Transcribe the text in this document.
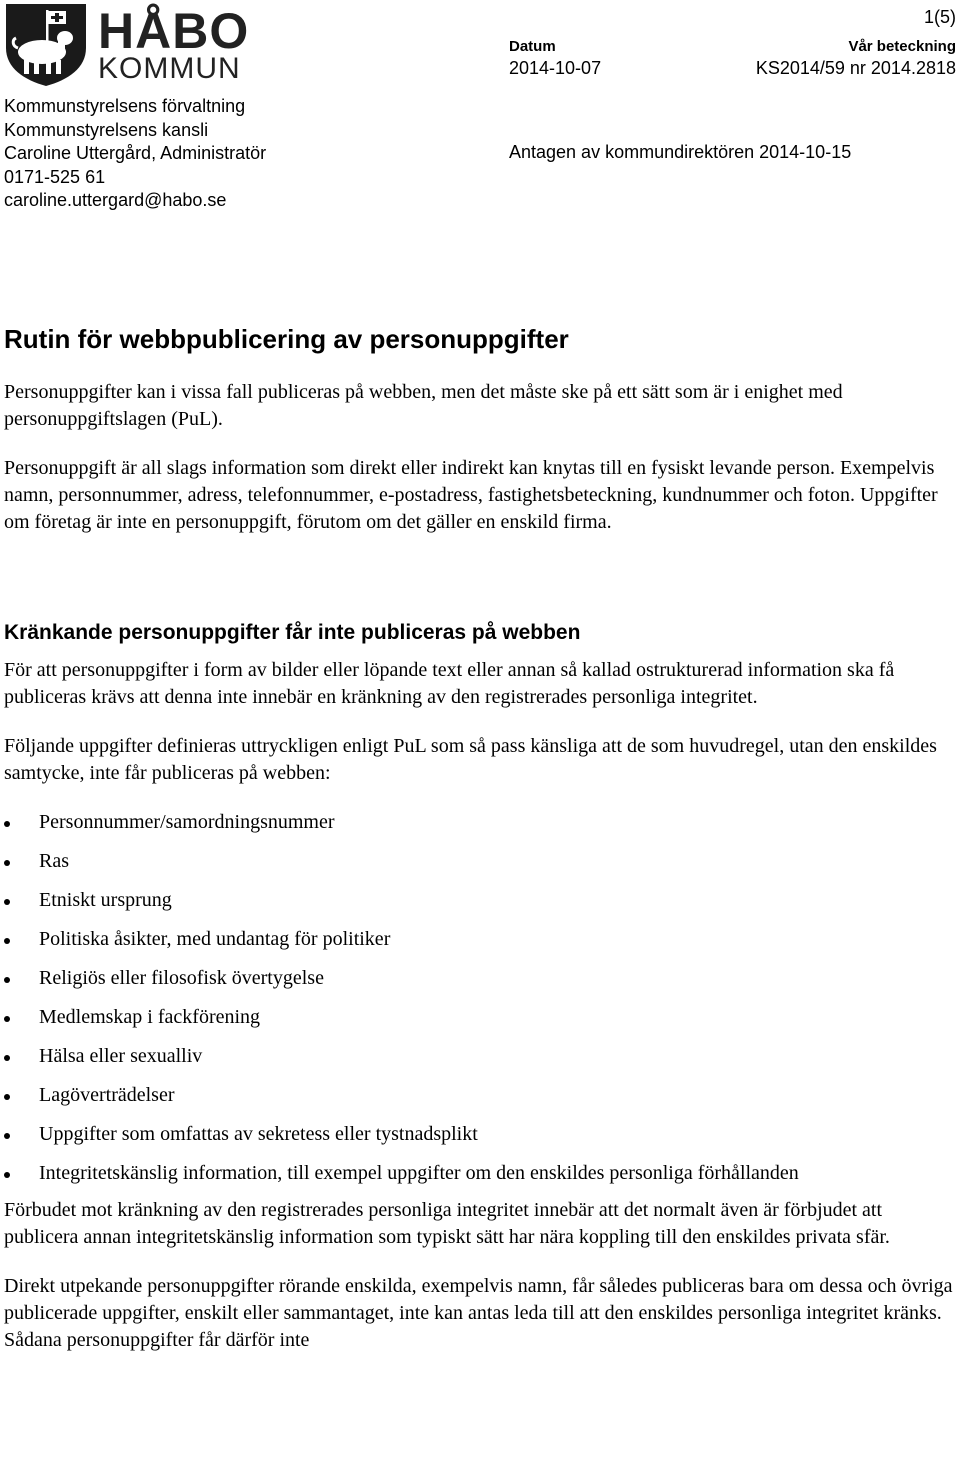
HÅBO
KOMMUN
1(5)
Datum
2014-10-07
Vår beteckning
KS2014/59 nr 2014.2818
Kommunstyrelsens förvaltning
Kommunstyrelsens kansli
Caroline Uttergård, Administratör
0171-525 61
caroline.uttergard@habo.se
Antagen av kommundirektören 2014-10-15
Rutin för webbpublicering av personuppgifter

Personuppgifter kan i vissa fall publiceras på webben, men det måste ske på ett sätt som är i enighet med personuppgiftslagen (PuL).

Personuppgift är all slags information som direkt eller indirekt kan knytas till en fysiskt levande person. Exempelvis namn, personnummer, adress, telefonnummer, e-postadress, fastighetsbeteckning, kundnummer och foton. Uppgifter om företag är inte en personuppgift, förutom om det gäller en enskild firma.

Kränkande personuppgifter får inte publiceras på webben

För att personuppgifter i form av bilder eller löpande text eller annan så kallad ostrukturerad information ska få publiceras krävs att denna inte innebär en kränkning av den registrerades personliga integritet.

Följande uppgifter definieras uttryckligen enligt PuL som så pass känsliga att de som huvudregel, utan den enskildes samtycke, inte får publiceras på webben:

Personnummer/samordningsnummer
Ras
Etniskt ursprung
Politiska åsikter, med undantag för politiker
Religiös eller filosofisk övertygelse
Medlemskap i fackförening
Hälsa eller sexualliv
Lagöverträdelser
Uppgifter som omfattas av sekretess eller tystnadsplikt
Integritetskänslig information, till exempel uppgifter om den enskildes personliga förhållanden

Förbudet mot kränkning av den registrerades personliga integritet innebär att det normalt även är förbjudet att publicera annan integritetskänslig information som typiskt sätt har nära koppling till den enskildes privata sfär.

Direkt utpekande personuppgifter rörande enskilda, exempelvis namn, får således publiceras bara om dessa och övriga publicerade uppgifter, enskilt eller sammantaget, inte kan antas leda till att den enskildes personliga integritet kränks. Sådana personuppgifter får därför inte
